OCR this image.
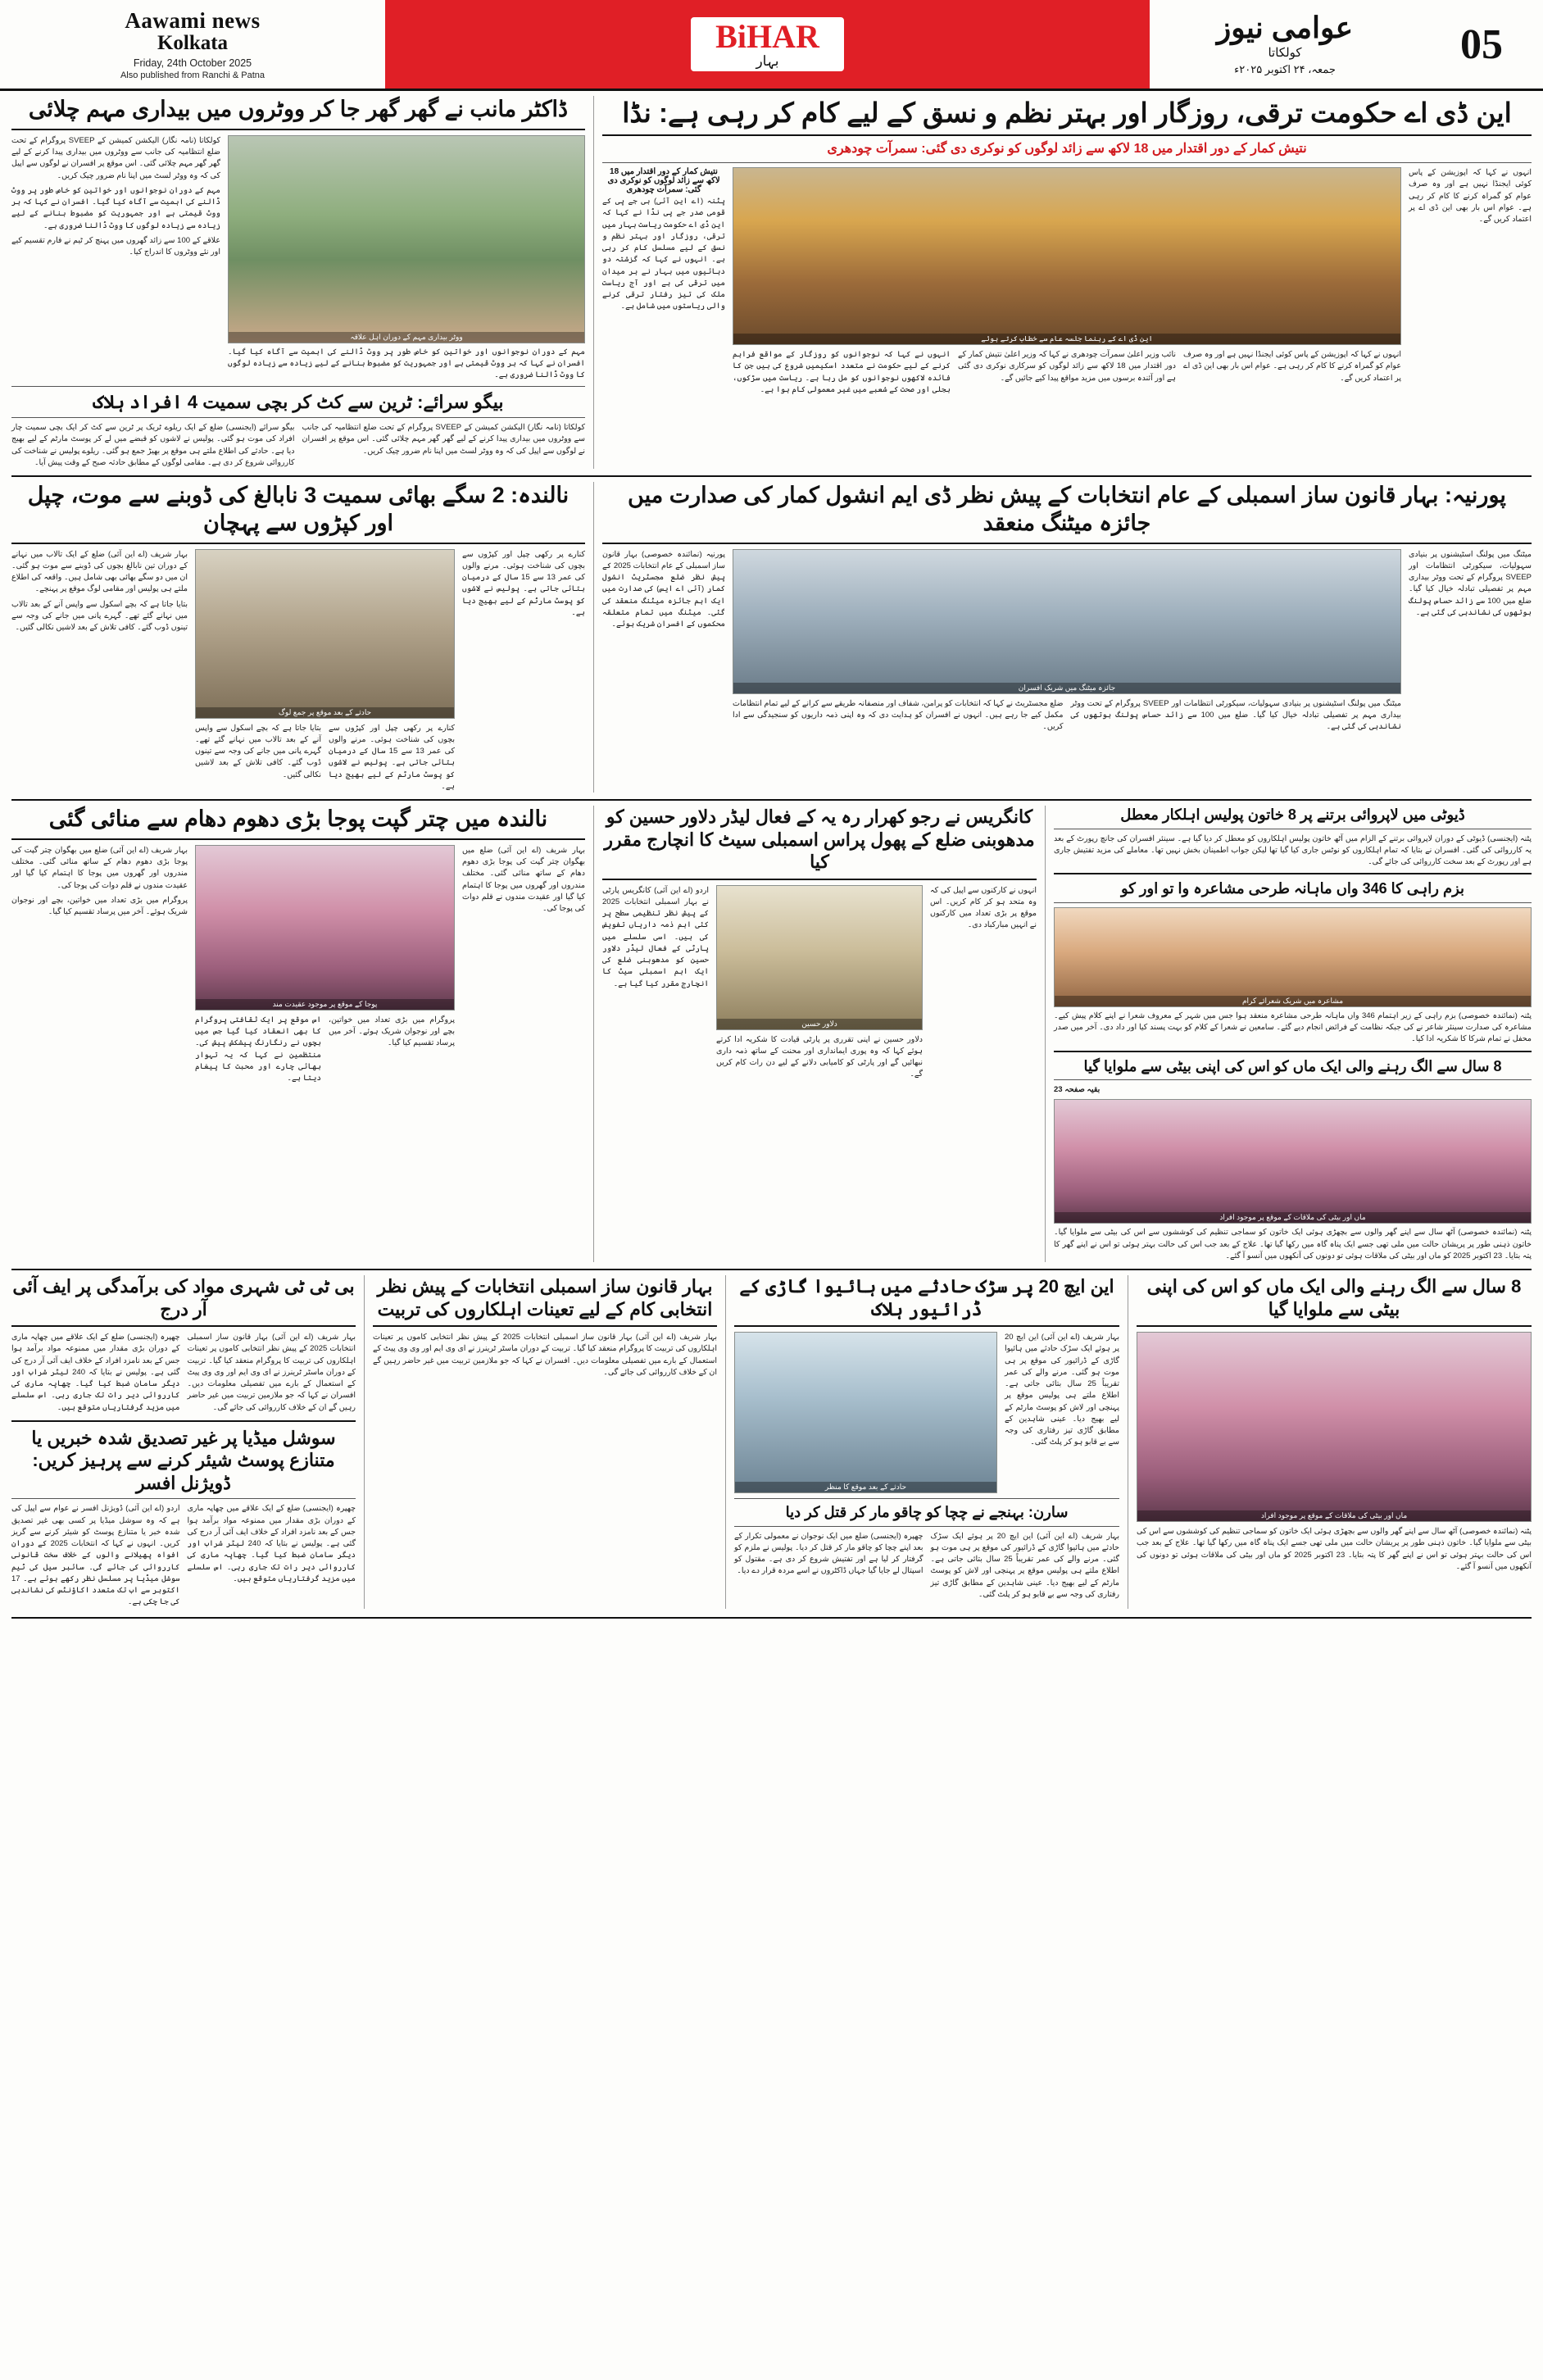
Aawami news
Kolkata
Friday, 24th October 2025
Also published from Ranchi & Patna
BiHAR
بہار
عوامی نیوز
کولکاتا
جمعہ، ۲۴ اکتوبر ۲۰۲۵ء
05
ڈاکٹر مانب نے گھر گھر جا کر ووٹروں میں بیداری مہم چلائی
کولکاتا (نامہ نگار) الیکشن کمیشن کے SVEEP پروگرام کے تحت ضلع انتظامیہ کی جانب سے ووٹروں میں بیداری پیدا کرنے کے لیے گھر گھر مہم چلائی گئی۔ اس موقع پر افسران نے لوگوں سے اپیل کی کہ وہ ووٹر لسٹ میں اپنا نام ضرور چیک کریں۔
مہم کے دوران نوجوانوں اور خواتین کو خاص طور پر ووٹ ڈالنے کی اہمیت سے آگاہ کیا گیا۔ افسران نے کہا کہ ہر ووٹ قیمتی ہے اور جمہوریت کو مضبوط بنانے کے لیے زیادہ سے زیادہ لوگوں کا ووٹ ڈالنا ضروری ہے۔
علاقے کے 100 سے زائد گھروں میں پہنچ کر ٹیم نے فارم تقسیم کیے اور نئے ووٹروں کا اندراج کیا۔
ووٹر بیداری مہم کے دوران اہل علاقہ
مہم کے دوران نوجوانوں اور خواتین کو خاص طور پر ووٹ ڈالنے کی اہمیت سے آگاہ کیا گیا۔ افسران نے کہا کہ ہر ووٹ قیمتی ہے اور جمہوریت کو مضبوط بنانے کے لیے زیادہ سے زیادہ لوگوں کا ووٹ ڈالنا ضروری ہے۔
بیگو سرائے: ٹرین سے کٹ کر بچی سمیت 4 افراد ہلاک
بیگو سرائے (ایجنسی) ضلع کے ایک ریلوے ٹریک پر ٹرین سے کٹ کر ایک بچی سمیت چار افراد کی موت ہو گئی۔ پولیس نے لاشوں کو قبضے میں لے کر پوسٹ مارٹم کے لیے بھیج دیا ہے۔ حادثے کی اطلاع ملتے ہی موقع پر بھیڑ جمع ہو گئی۔ ریلوے پولیس نے شناخت کی کارروائی شروع کر دی ہے۔ مقامی لوگوں کے مطابق حادثہ صبح کے وقت پیش آیا۔
کولکاتا (نامہ نگار) الیکشن کمیشن کے SVEEP پروگرام کے تحت ضلع انتظامیہ کی جانب سے ووٹروں میں بیداری پیدا کرنے کے لیے گھر گھر مہم چلائی گئی۔ اس موقع پر افسران نے لوگوں سے اپیل کی کہ وہ ووٹر لسٹ میں اپنا نام ضرور چیک کریں۔
این ڈی اے حکومت ترقی، روزگار اور بہتر نظم و نسق کے لیے کام کر رہی ہے: نڈا
نتیش کمار کے دور اقتدار میں 18 لاکھ سے زائد لوگوں کو نوکری دی گئی: سمرآت چودھری
نتیش کمار کے دور اقتدار میں 18 لاکھ سے زائد لوگوں کو نوکری دی گئی: سمرآت چودھری
پٹنہ (اے این آئی) بی جے پی کے قومی صدر جے پی نڈا نے کہا کہ این ڈی اے حکومت ریاست بہار میں ترقی، روزگار اور بہتر نظم و نسق کے لیے مسلسل کام کر رہی ہے۔ انہوں نے کہا کہ گزشتہ دو دہائیوں میں بہار نے ہر میدان میں ترقی کی ہے اور آج ریاست ملک کی تیز رفتار ترقی کرنے والی ریاستوں میں شامل ہے۔
این ڈی اے کے رہنما جلسہ عام سے خطاب کرتے ہوئے
انہوں نے کہا کہ نوجوانوں کو روزگار کے مواقع فراہم کرنے کے لیے حکومت نے متعدد اسکیمیں شروع کی ہیں جن کا فائدہ لاکھوں نوجوانوں کو مل رہا ہے۔ ریاست میں سڑکوں، بجلی اور صحت کے شعبے میں غیر معمولی کام ہوا ہے۔
نائب وزیر اعلیٰ سمرآت چودھری نے کہا کہ وزیر اعلیٰ نتیش کمار کے دور اقتدار میں 18 لاکھ سے زائد لوگوں کو سرکاری نوکری دی گئی ہے اور آئندہ برسوں میں مزید مواقع پیدا کیے جائیں گے۔
انہوں نے کہا کہ اپوزیشن کے پاس کوئی ایجنڈا نہیں ہے اور وہ صرف عوام کو گمراہ کرنے کا کام کر رہی ہے۔ عوام اس بار بھی این ڈی اے پر اعتماد کریں گے۔
انہوں نے کہا کہ اپوزیشن کے پاس کوئی ایجنڈا نہیں ہے اور وہ صرف عوام کو گمراہ کرنے کا کام کر رہی ہے۔ عوام اس بار بھی این ڈی اے پر اعتماد کریں گے۔
نالندہ: 2 سگے بھائی سمیت 3 نابالغ کی ڈوبنے سے موت، چپل اور کپڑوں سے پہچان
بہار شریف (اے این آئی) ضلع کے ایک تالاب میں نہانے کے دوران تین نابالغ بچوں کی ڈوبنے سے موت ہو گئی۔ ان میں دو سگے بھائی بھی شامل ہیں۔ واقعہ کی اطلاع ملتے ہی پولیس اور مقامی لوگ موقع پر پہنچے۔
بتایا جاتا ہے کہ بچے اسکول سے واپس آنے کے بعد تالاب میں نہانے گئے تھے۔ گہرے پانی میں جانے کی وجہ سے تینوں ڈوب گئے۔ کافی تلاش کے بعد لاشیں نکالی گئیں۔
حادثے کے بعد موقع پر جمع لوگ
بتایا جاتا ہے کہ بچے اسکول سے واپس آنے کے بعد تالاب میں نہانے گئے تھے۔ گہرے پانی میں جانے کی وجہ سے تینوں ڈوب گئے۔ کافی تلاش کے بعد لاشیں نکالی گئیں۔
کنارے پر رکھی چپل اور کپڑوں سے بچوں کی شناخت ہوئی۔ مرنے والوں کی عمر 13 سے 15 سال کے درمیان بتائی جاتی ہے۔ پولیس نے لاشوں کو پوسٹ مارٹم کے لیے بھیج دیا ہے۔
کنارے پر رکھی چپل اور کپڑوں سے بچوں کی شناخت ہوئی۔ مرنے والوں کی عمر 13 سے 15 سال کے درمیان بتائی جاتی ہے۔ پولیس نے لاشوں کو پوسٹ مارٹم کے لیے بھیج دیا ہے۔
پورنیہ: بہار قانون ساز اسمبلی کے عام انتخابات کے پیش نظر ڈی ایم انشول کمار کی صدارت میں جائزہ میٹنگ منعقد
پورنیہ (نمائندہ خصوصی) بہار قانون ساز اسمبلی کے عام انتخابات 2025 کے پیش نظر ضلع مجسٹریٹ انشول کمار (آئی اے ایس) کی صدارت میں ایک اہم جائزہ میٹنگ منعقد کی گئی۔ میٹنگ میں تمام متعلقہ محکموں کے افسران شریک ہوئے۔
جائزہ میٹنگ میں شریک افسران
ضلع مجسٹریٹ نے کہا کہ انتخابات کو پرامن، شفاف اور منصفانہ طریقے سے کرانے کے لیے تمام انتظامات مکمل کیے جا رہے ہیں۔ انہوں نے افسران کو ہدایت دی کہ وہ اپنی ذمہ داریوں کو سنجیدگی سے ادا کریں۔
میٹنگ میں پولنگ اسٹیشنوں پر بنیادی سہولیات، سیکورٹی انتظامات اور SVEEP پروگرام کے تحت ووٹر بیداری مہم پر تفصیلی تبادلہ خیال کیا گیا۔ ضلع میں 100 سے زائد حساس پولنگ بوتھوں کی نشاندہی کی گئی ہے۔
میٹنگ میں پولنگ اسٹیشنوں پر بنیادی سہولیات، سیکورٹی انتظامات اور SVEEP پروگرام کے تحت ووٹر بیداری مہم پر تفصیلی تبادلہ خیال کیا گیا۔ ضلع میں 100 سے زائد حساس پولنگ بوتھوں کی نشاندہی کی گئی ہے۔
نالندہ میں چتر گپت پوجا بڑی دھوم دھام سے منائی گئی
بہار شریف (اے این آئی) ضلع میں بھگوان چتر گپت کی پوجا بڑی دھوم دھام کے ساتھ منائی گئی۔ مختلف مندروں اور گھروں میں پوجا کا اہتمام کیا گیا اور عقیدت مندوں نے قلم دوات کی پوجا کی۔
پروگرام میں بڑی تعداد میں خواتین، بچے اور نوجوان شریک ہوئے۔ آخر میں پرساد تقسیم کیا گیا۔
پوجا کے موقع پر موجود عقیدت مند
اس موقع پر ایک ثقافتی پروگرام کا بھی انعقاد کیا گیا جس میں بچوں نے رنگارنگ پیشکش پیش کی۔ منتظمین نے کہا کہ یہ تہوار بھائی چارے اور محبت کا پیغام دیتا ہے۔
پروگرام میں بڑی تعداد میں خواتین، بچے اور نوجوان شریک ہوئے۔ آخر میں پرساد تقسیم کیا گیا۔
بہار شریف (اے این آئی) ضلع میں بھگوان چتر گپت کی پوجا بڑی دھوم دھام کے ساتھ منائی گئی۔ مختلف مندروں اور گھروں میں پوجا کا اہتمام کیا گیا اور عقیدت مندوں نے قلم دوات کی پوجا کی۔
کانگریس نے رجو کھرار رہ یہ کے فعال لیڈر دلاور حسین کو مدھوبنی ضلع کے پھول پراس اسمبلی سیٹ کا انچارج مقرر کیا
اردو (اے این آئی) کانگریس پارٹی نے بہار اسمبلی انتخابات 2025 کے پیش نظر تنظیمی سطح پر کئی اہم ذمہ داریاں تفویض کی ہیں۔ اسی سلسلے میں پارٹی کے فعال لیڈر دلاور حسین کو مدھوبنی ضلع کی ایک اہم اسمبلی سیٹ کا انچارج مقرر کیا گیا ہے۔
دلاور حسین
دلاور حسین نے اپنی تقرری پر پارٹی قیادت کا شکریہ ادا کرتے ہوئے کہا کہ وہ پوری ایمانداری اور محنت کے ساتھ ذمہ داری نبھائیں گے اور پارٹی کو کامیابی دلانے کے لیے دن رات کام کریں گے۔
انہوں نے کارکنوں سے اپیل کی کہ وہ متحد ہو کر کام کریں۔ اس موقع پر بڑی تعداد میں کارکنوں نے انہیں مبارکباد دی۔
ڈیوٹی میں لاپروائی برتنے پر 8 خاتون پولیس اہلکار معطل
پٹنہ (ایجنسی) ڈیوٹی کے دوران لاپروائی برتنے کے الزام میں آٹھ خاتون پولیس اہلکاروں کو معطل کر دیا گیا ہے۔ سینئر افسران کی جانچ رپورٹ کے بعد یہ کارروائی کی گئی۔ افسران نے بتایا کہ تمام اہلکاروں کو نوٹس جاری کیا گیا تھا لیکن جواب اطمینان بخش نہیں تھا۔ معاملے کی مزید تفتیش جاری ہے اور رپورٹ کے بعد سخت کارروائی کی جائے گی۔
بزم راہی کا 346 واں ماہانہ طرحی مشاعرہ وا تو اور کو
مشاعرہ میں شریک شعرائے کرام
پٹنہ (نمائندہ خصوصی) بزم راہی کے زیر اہتمام 346 واں ماہانہ طرحی مشاعرہ منعقد ہوا جس میں شہر کے معروف شعرا نے اپنے کلام پیش کیے۔ مشاعرہ کی صدارت سینئر شاعر نے کی جبکہ نظامت کے فرائض انجام دیے گئے۔ سامعین نے شعرا کے کلام کو بہت پسند کیا اور داد دی۔ آخر میں صدر محفل نے تمام شرکا کا شکریہ ادا کیا۔
8 سال سے الگ رہنے والی ایک ماں کو اس کی اپنی بیٹی سے ملوایا گیا
بقیہ صفحہ 23
ماں اور بیٹی کی ملاقات کے موقع پر موجود افراد
پٹنہ (نمائندہ خصوصی) آٹھ سال سے اپنے گھر والوں سے بچھڑی ہوئی ایک خاتون کو سماجی تنظیم کی کوششوں سے اس کی بیٹی سے ملوایا گیا۔ خاتون ذہنی طور پر پریشان حالت میں ملی تھی جسے ایک پناہ گاہ میں رکھا گیا تھا۔ علاج کے بعد جب اس کی حالت بہتر ہوئی تو اس نے اپنے گھر کا پتہ بتایا۔ 23 اکتوبر 2025 کو ماں اور بیٹی کی ملاقات ہوئی تو دونوں کی آنکھوں میں آنسو آ گئے۔
بی ٹی ٹی شہری مواد کی برآمدگی پر ایف آئی آر درج
چھپرہ (ایجنسی) ضلع کے ایک علاقے میں چھاپہ ماری کے دوران بڑی مقدار میں ممنوعہ مواد برآمد ہوا جس کے بعد نامزد افراد کے خلاف ایف آئی آر درج کی گئی ہے۔ پولیس نے بتایا کہ 240 لیٹر شراب اور دیگر سامان ضبط کیا گیا۔ چھاپہ ماری کی کارروائی دیر رات تک جاری رہی۔ اس سلسلے میں مزید گرفتاریاں متوقع ہیں۔
بہار شریف (اے این آئی) بہار قانون ساز اسمبلی انتخابات 2025 کے پیش نظر انتخابی کاموں پر تعینات اہلکاروں کی تربیت کا پروگرام منعقد کیا گیا۔ تربیت کے دوران ماسٹر ٹرینرز نے ای وی ایم اور وی وی پیٹ کے استعمال کے بارے میں تفصیلی معلومات دیں۔ افسران نے کہا کہ جو ملازمین تربیت میں غیر حاضر رہیں گے ان کے خلاف کارروائی کی جائے گی۔
سوشل میڈیا پر غیر تصدیق شدہ خبریں یا متنازع پوسٹ شیئر کرنے سے پرہیز کریں: ڈویژنل افسر
اردو (اے این آئی) ڈویژنل افسر نے عوام سے اپیل کی ہے کہ وہ سوشل میڈیا پر کسی بھی غیر تصدیق شدہ خبر یا متنازع پوسٹ کو شیئر کرنے سے گریز کریں۔ انہوں نے کہا کہ انتخابات 2025 کے دوران افواہ پھیلانے والوں کے خلاف سخت قانونی کارروائی کی جائے گی۔ سائبر سیل کی ٹیم سوشل میڈیا پر مسلسل نظر رکھے ہوئے ہے۔ 17 اکتوبر سے اب تک متعدد اکاؤنٹس کی نشاندہی کی جا چکی ہے۔
چھپرہ (ایجنسی) ضلع کے ایک علاقے میں چھاپہ ماری کے دوران بڑی مقدار میں ممنوعہ مواد برآمد ہوا جس کے بعد نامزد افراد کے خلاف ایف آئی آر درج کی گئی ہے۔ پولیس نے بتایا کہ 240 لیٹر شراب اور دیگر سامان ضبط کیا گیا۔ چھاپہ ماری کی کارروائی دیر رات تک جاری رہی۔ اس سلسلے میں مزید گرفتاریاں متوقع ہیں۔
بہار قانون ساز اسمبلی انتخابات کے پیش نظر انتخابی کام کے لیے تعینات اہلکاروں کی تربیت
بہار شریف (اے این آئی) بہار قانون ساز اسمبلی انتخابات 2025 کے پیش نظر انتخابی کاموں پر تعینات اہلکاروں کی تربیت کا پروگرام منعقد کیا گیا۔ تربیت کے دوران ماسٹر ٹرینرز نے ای وی ایم اور وی وی پیٹ کے استعمال کے بارے میں تفصیلی معلومات دیں۔ افسران نے کہا کہ جو ملازمین تربیت میں غیر حاضر رہیں گے ان کے خلاف کارروائی کی جائے گی۔
این ایچ 20 پر سڑک حادثے میں ہائیوا گاڑی کے ڈرائیور ہلاک
حادثے کے بعد موقع کا منظر
بہار شریف (اے این آئی) این ایچ 20 پر ہوئے ایک سڑک حادثے میں ہائیوا گاڑی کے ڈرائیور کی موقع پر ہی موت ہو گئی۔ مرنے والے کی عمر تقریباً 25 سال بتائی جاتی ہے۔ اطلاع ملتے ہی پولیس موقع پر پہنچی اور لاش کو پوسٹ مارٹم کے لیے بھیج دیا۔ عینی شاہدین کے مطابق گاڑی تیز رفتاری کی وجہ سے بے قابو ہو کر پلٹ گئی۔
سارن: بہنجے نے چچا کو چاقو مار کر قتل کر دیا
چھپرہ (ایجنسی) ضلع میں ایک نوجوان نے معمولی تکرار کے بعد اپنے چچا کو چاقو مار کر قتل کر دیا۔ پولیس نے ملزم کو گرفتار کر لیا ہے اور تفتیش شروع کر دی ہے۔ مقتول کو اسپتال لے جایا گیا جہاں ڈاکٹروں نے اسے مردہ قرار دے دیا۔
بہار شریف (اے این آئی) این ایچ 20 پر ہوئے ایک سڑک حادثے میں ہائیوا گاڑی کے ڈرائیور کی موقع پر ہی موت ہو گئی۔ مرنے والے کی عمر تقریباً 25 سال بتائی جاتی ہے۔ اطلاع ملتے ہی پولیس موقع پر پہنچی اور لاش کو پوسٹ مارٹم کے لیے بھیج دیا۔ عینی شاہدین کے مطابق گاڑی تیز رفتاری کی وجہ سے بے قابو ہو کر پلٹ گئی۔
8 سال سے الگ رہنے والی ایک ماں کو اس کی اپنی بیٹی سے ملوایا گیا
ماں اور بیٹی کی ملاقات کے موقع پر موجود افراد
پٹنہ (نمائندہ خصوصی) آٹھ سال سے اپنے گھر والوں سے بچھڑی ہوئی ایک خاتون کو سماجی تنظیم کی کوششوں سے اس کی بیٹی سے ملوایا گیا۔ خاتون ذہنی طور پر پریشان حالت میں ملی تھی جسے ایک پناہ گاہ میں رکھا گیا تھا۔ علاج کے بعد جب اس کی حالت بہتر ہوئی تو اس نے اپنے گھر کا پتہ بتایا۔ 23 اکتوبر 2025 کو ماں اور بیٹی کی ملاقات ہوئی تو دونوں کی آنکھوں میں آنسو آ گئے۔
